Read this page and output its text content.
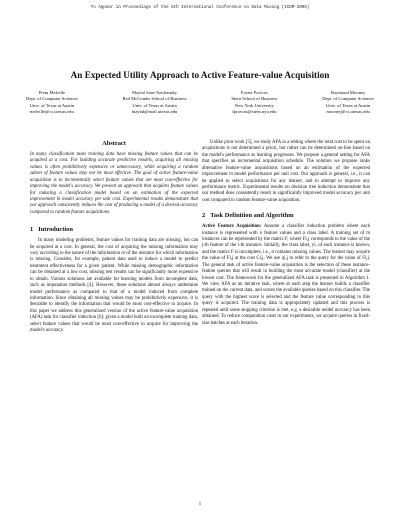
To Appear in Proceedings of the 5th International Conference on Data Mining (ICDM-2005)
An Expected Utility Approach to Active Feature-value Acquisition
Prem Melville
Dept. of Computer Sciences
Univ. of Texas at Austin
melville@cs.utexas.edu
Maytal Saar-Tsechansky
Red McCombs School of Business
Univ. of Texas at Austin
maytal@mail.utexas.edu
Foster Provost
Stern School of Business
New York University
fprovost@stern.nyu.edu
Raymond Mooney
Dept. of Computer Sciences
Univ. of Texas at Austin
mooney@cs.utexas.edu
Abstract

In many classification tasks training data have missing feature values that can be acquired at a cost. For building accurate predictive models, acquiring all missing values is often prohibitively expensive or unnecessary, while acquiring a random subset of feature values may not be most effective. The goal of active feature-value acquisition is to incrementally select feature values that are most cost-effective for improving the model's accuracy. We present an approach that acquires feature values for inducing a classification model based on an estimation of the expected improvement in model accuracy per unit cost. Experimental results demonstrate that our approach consistently reduces the cost of producing a model of a desired accuracy compared to random feature acquisitions.

1 Introduction

In many modeling problems, feature values for training data are missing, but can be acquired at a cost. In general, the cost of acquiring the missing information may vary according to the nature of the information or of the instance for which information is missing. Consider, for example, patient data used to induce a model to predict treatment effectiveness for a given patient. While missing demographic information can be obtained at a low cost, missing test results can be significantly more expensive to obtain. Various solutions are available for learning models from incomplete data, such as imputation methods [4]. However, these solutions almost always undermine model performance as compared to that of a model induced from complete information. Since obtaining all missing values may be prohibitively expensive, it is desirable to identify the information that would be most cost-effective to acquire. In this paper we address this generalized version of the active feature-value acquisition (AFA) task for classifier induction [6]: given a model built on incomplete training data, select feature values that would be most cost-effective to acquire for improving the model's accuracy.

Unlike prior work [5], we study AFA in a setting where the total cost to be spent on acquisitions is not determined a priori, but rather can be determined on-line based on the model's performance as learning progresses. We propose a general setting for AFA that specifies an incremental acquisition schedule. The solution we propose ranks alternative feature-value acquisitions based on an estimation of the expected improvement in model performance per unit cost. Our approach is general, i.e., it can be applied to select acquisitions for any learner, and to attempt to improve any performance metric. Experimental results on decision tree induction demonstrate that our method does consistently result in significantly improved model accuracy per unit cost compared to random feature-value acquisition.

2 Task Definition and Algorithm

Active Feature Acquisition: Assume a classifier induction problem where each instance is represented with n feature values and a class label. A training set of m instances can be represented by the matrix F, where Fi,j corresponds to the value of the j-th feature of the i-th instance. Initially, the class label, yi, of each instance is known, and the matrix F is incomplete, i.e., it contains missing values. The learner may acquire the value of Fi,j at the cost Ci,j. We use qi,j to refer to the query for the value of Fi,j. The general task of active feature-value acquisition is the selection of these instance-feature queries that will result in building the most accurate model (classifier) at the lowest cost. The framework for the generalized AFA task is presented in Algorithm 1. We view AFA as an iterative task, where at each step the learner builds a classifier trained on the current data, and scores the available queries based on this classifier. The query with the highest score is selected and the feature value corresponding to this query is acquired. The training data is appropriately updated and this process is repeated until some stopping criterion is met, e.g. a desirable model accuracy has been obtained. To reduce computation costs in our experiments, we acquire queries in fixed-size batches at each iteration.

1
